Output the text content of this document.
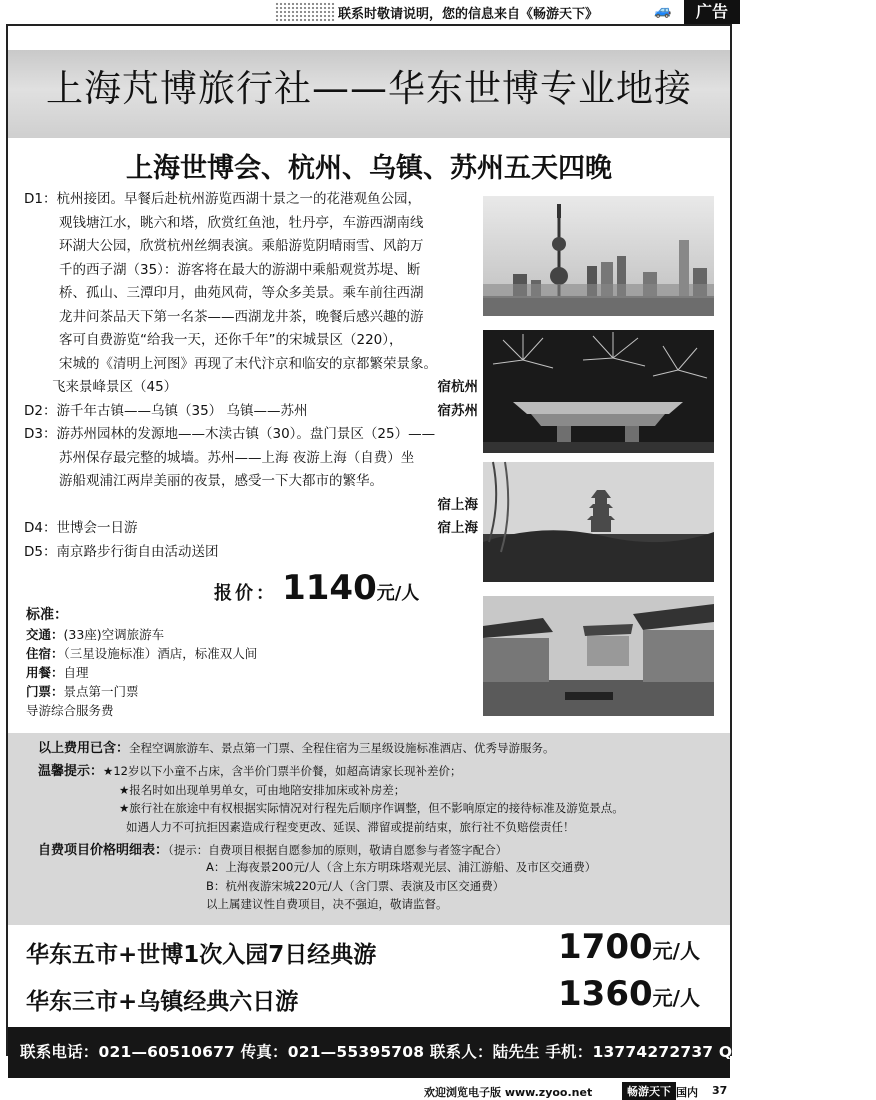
联系时敬请说明，您的信息来自《畅游天下》	🚙	广告
上海芃博旅行社——华东世博专业地接
上海世博会、杭州、乌镇、苏州五天四晚
D1：杭州接团。早餐后赴杭州游览西湖十景之一的花港观鱼公园，
观钱塘江水，眺六和塔，欣赏红鱼池，牡丹亭，车游西湖南线
环湖大公园，欣赏杭州丝绸表演。乘船游览阴晴雨雪、风韵万
千的西子湖（35）：游客将在最大的游湖中乘船观赏苏堤、断
桥、孤山、三潭印月，曲苑风荷，等众多美景。乘车前往西湖
龙井问茶品天下第一名茶——西湖龙井茶，晚餐后感兴趣的游
客可自费游览“给我一天，还你千年”的宋城景区（220），
宋城的《清明上河图》再现了末代汴京和临安的京都繁荣景象。
飞来景峰景区（45）	宿杭州
D2：游千年古镇——乌镇（35） 乌镇——苏州	宿苏州
D3：游苏州园林的发源地——木渎古镇（30）。盘门景区（25）——
苏州保存最完整的城墙。苏州——上海 夜游上海（自费）坐
游船观浦江两岸美丽的夜景，感受一下大都市的繁华。
宿上海

D4：世博会一日游	宿上海
D5：南京路步行街自由活动送团
报价： 1140元/人
标准：
交通：(33座)空调旅游车
住宿：（三星设施标准）酒店，标准双人间
用餐：自理
门票：景点第一门票
导游综合服务费
以上费用已含：全程空调旅游车、景点第一门票、全程住宿为三星级设施标准酒店、优秀导游服务。
温馨提示：★12岁以下小童不占床，含半价门票半价餐，如超高请家长现补差价；
★报名时如出现单男单女，可由地陪安排加床或补房差；
★旅行社在旅途中有权根据实际情况对行程先后顺序作调整，但不影响原定的接待标准及游览景点。
如遇人力不可抗拒因素造成行程变更改、延误、滞留或提前结束，旅行社不负赔偿责任！
自费项目价格明细表：（提示：自费项目根据自愿参加的原则，敬请自愿参与者签字配合）
A：上海夜景200元/人（含上东方明珠塔观光层、浦江游船、及市区交通费）
B：杭州夜游宋城220元/人（含门票、表演及市区交通费）
以上属建议性自费项目，决不强迫，敬请监督。
华东五市+世博1次入园7日经典游	1700元/人
华东三市+乌镇经典六日游	1360元/人
联系电话：021—60510677 传真：021—55395708 联系人：陆先生 手机：13774272737 QQ号：743827432
欢迎浏览电子版 www.zyoo.net	畅游天下 国内 37
